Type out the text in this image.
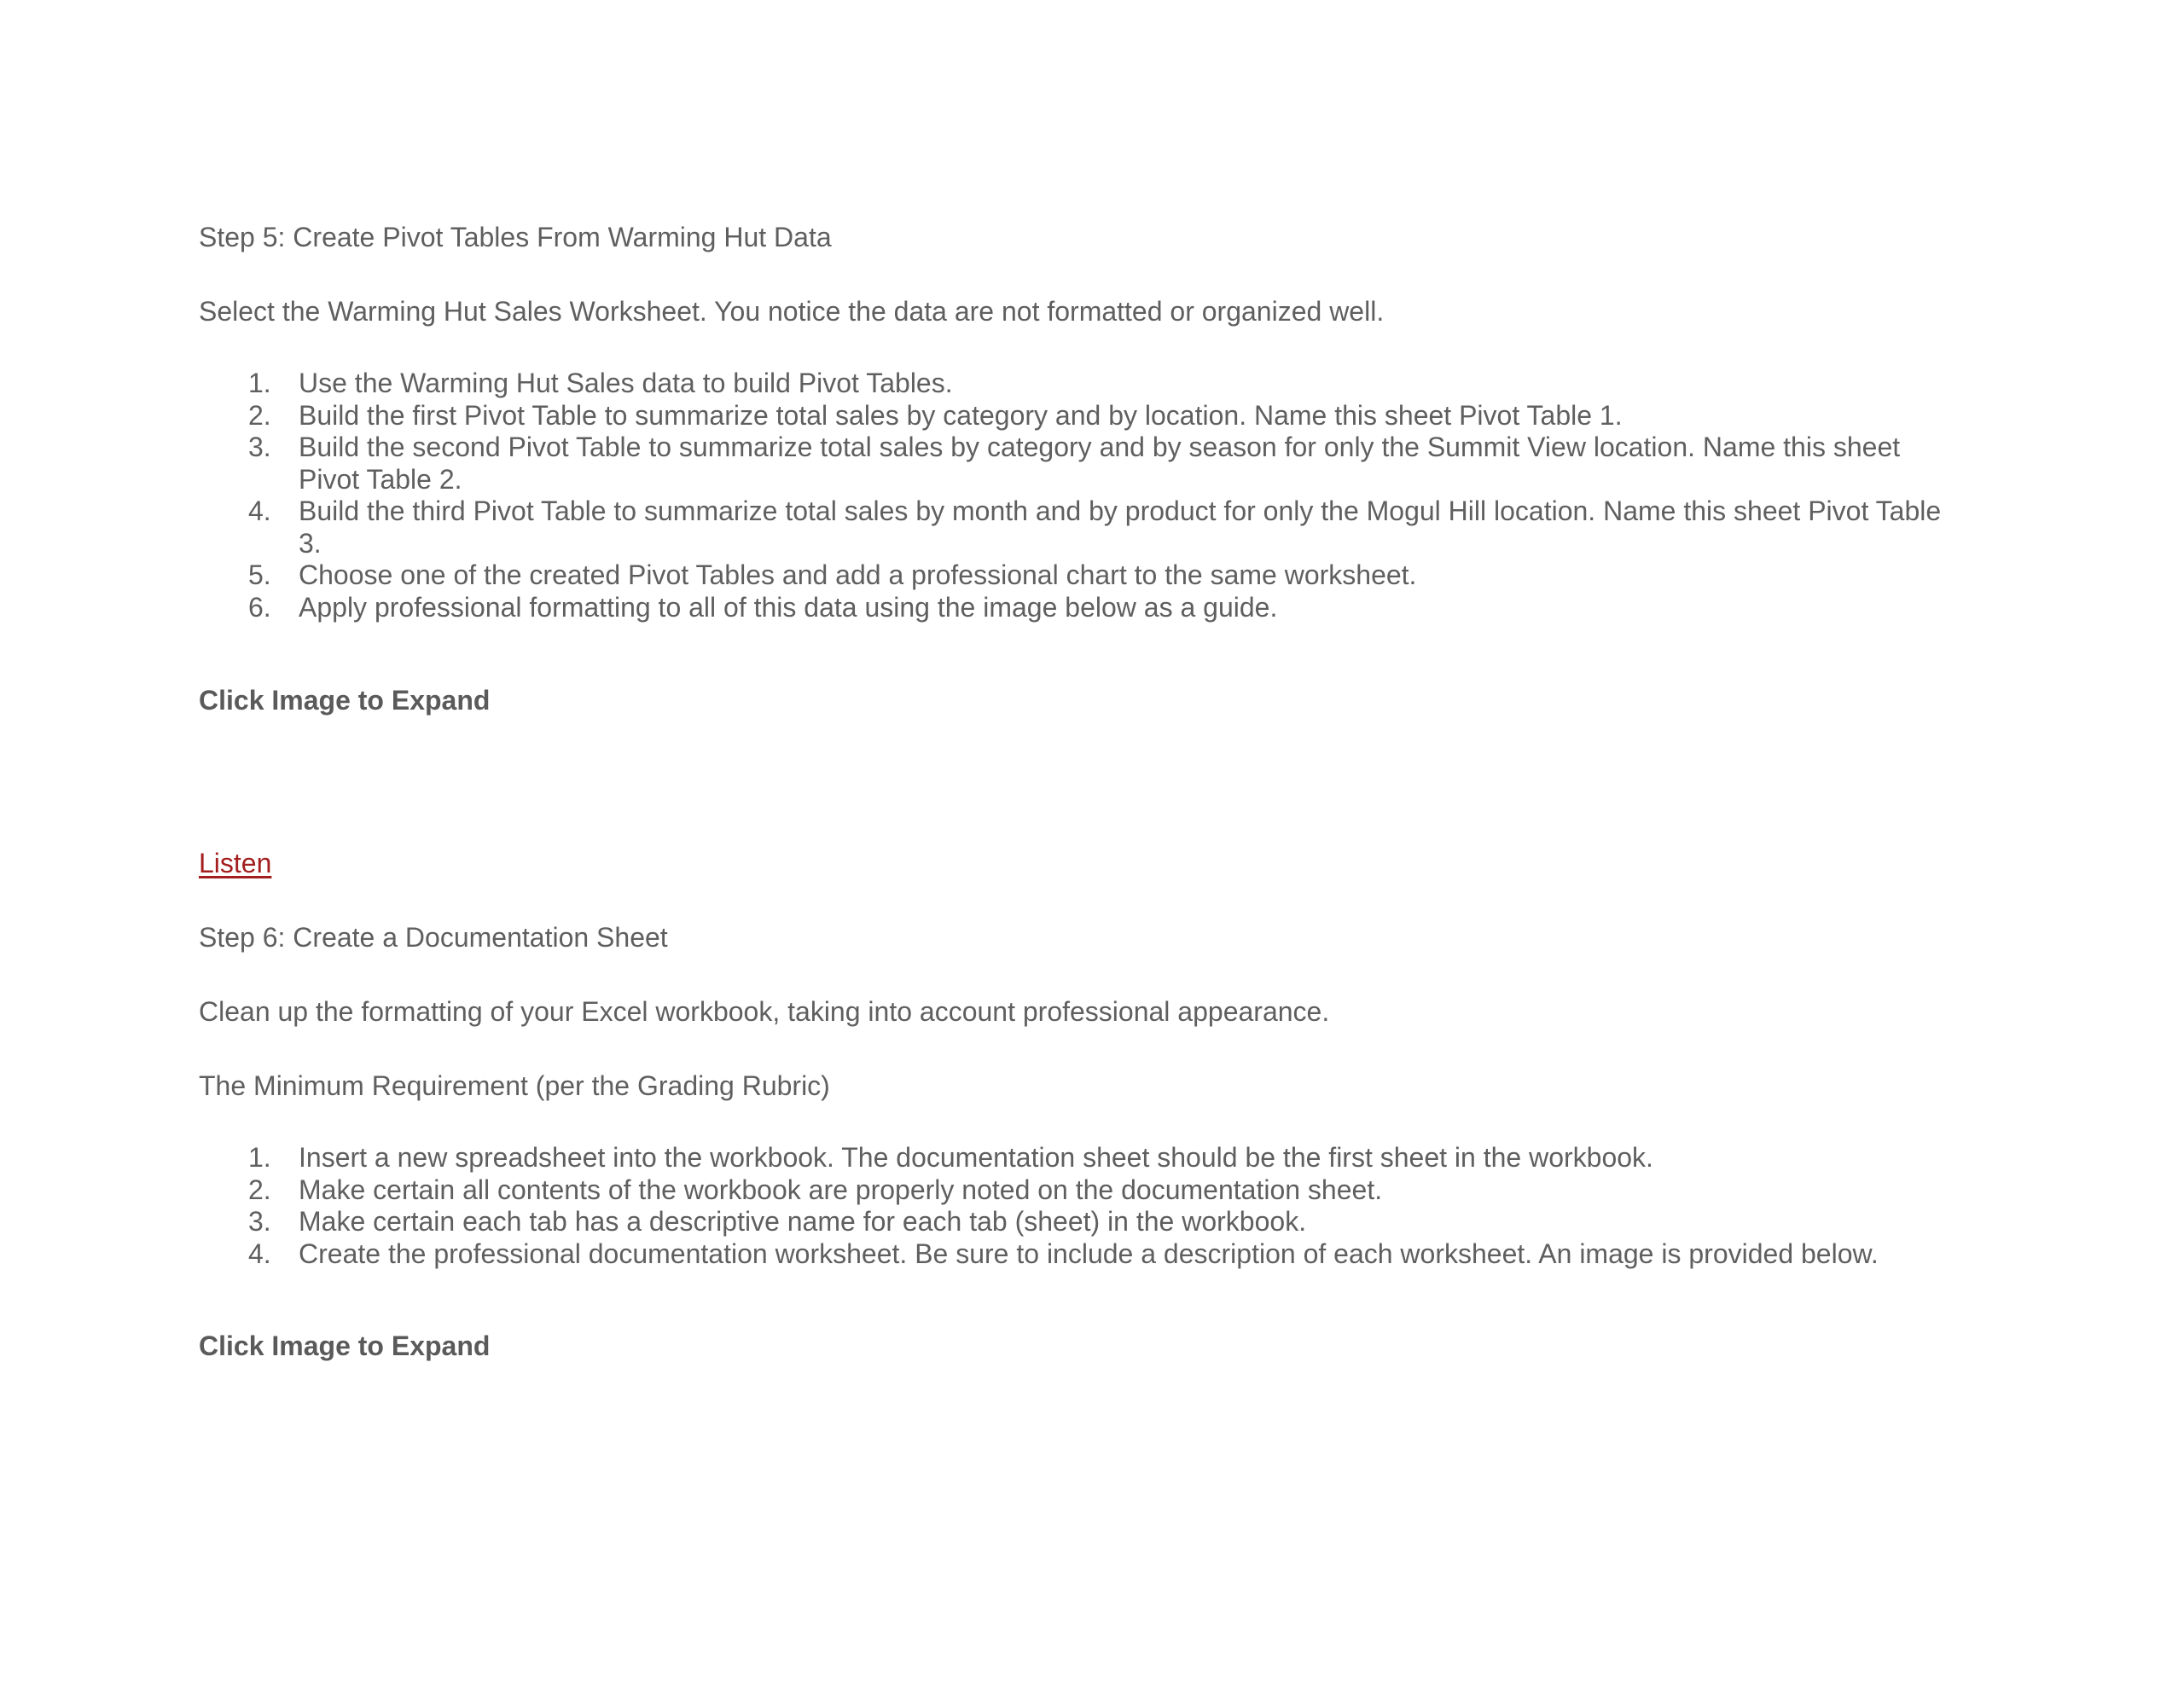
Step 5: Create Pivot Tables From Warming Hut Data
Select the Warming Hut Sales Worksheet. You notice the data are not formatted or organized well.
1. Use the Warming Hut Sales data to build Pivot Tables.
2. Build the first Pivot Table to summarize total sales by category and by location. Name this sheet Pivot Table 1.
3. Build the second Pivot Table to summarize total sales by category and by season for only the Summit View location. Name this sheet
Pivot Table 2.
4. Build the third Pivot Table to summarize total sales by month and by product for only the Mogul Hill location. Name this sheet Pivot Table
3.
5. Choose one of the created Pivot Tables and add a professional chart to the same worksheet.
6. Apply professional formatting to all of this data using the image below as a guide.
Click Image to Expand
Listen
Step 6: Create a Documentation Sheet
Clean up the formatting of your Excel workbook, taking into account professional appearance.
The Minimum Requirement (per the Grading Rubric)
1. Insert a new spreadsheet into the workbook. The documentation sheet should be the first sheet in the workbook.
2. Make certain all contents of the workbook are properly noted on the documentation sheet.
3. Make certain each tab has a descriptive name for each tab (sheet) in the workbook.
4. Create the professional documentation worksheet. Be sure to include a description of each worksheet. An image is provided below.
Click Image to Expand
